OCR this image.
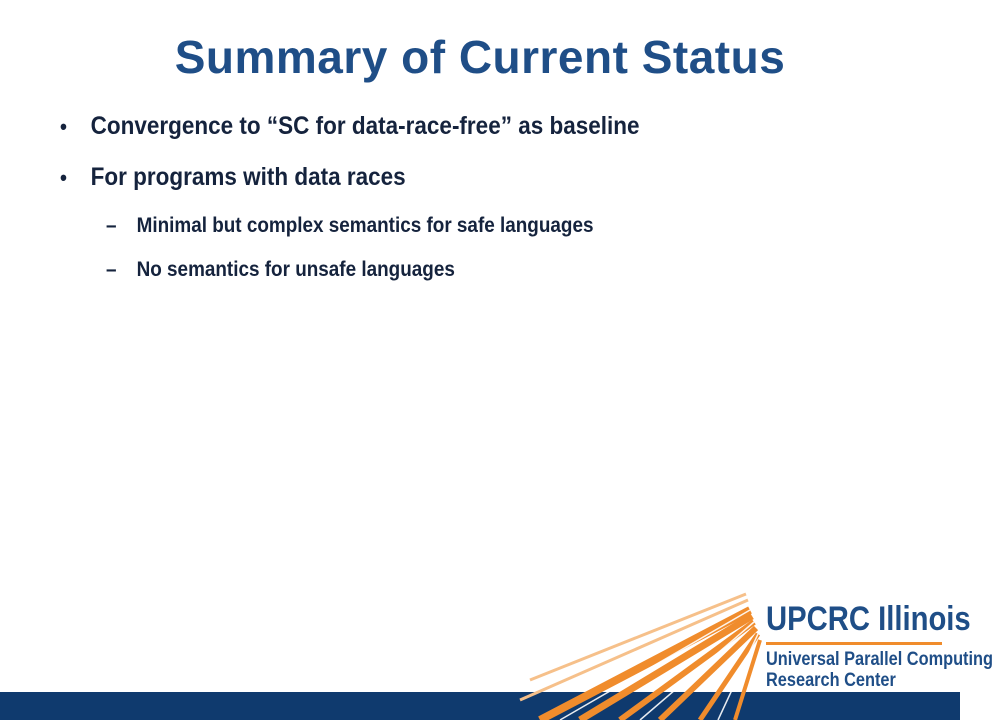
Summary of Current Status
• Convergence to “SC for data-race-free” as baseline
• For programs with data races
– Minimal but complex semantics for safe languages
– No semantics for unsafe languages
UPCRC Illinois
Universal Parallel Computing
Research Center
